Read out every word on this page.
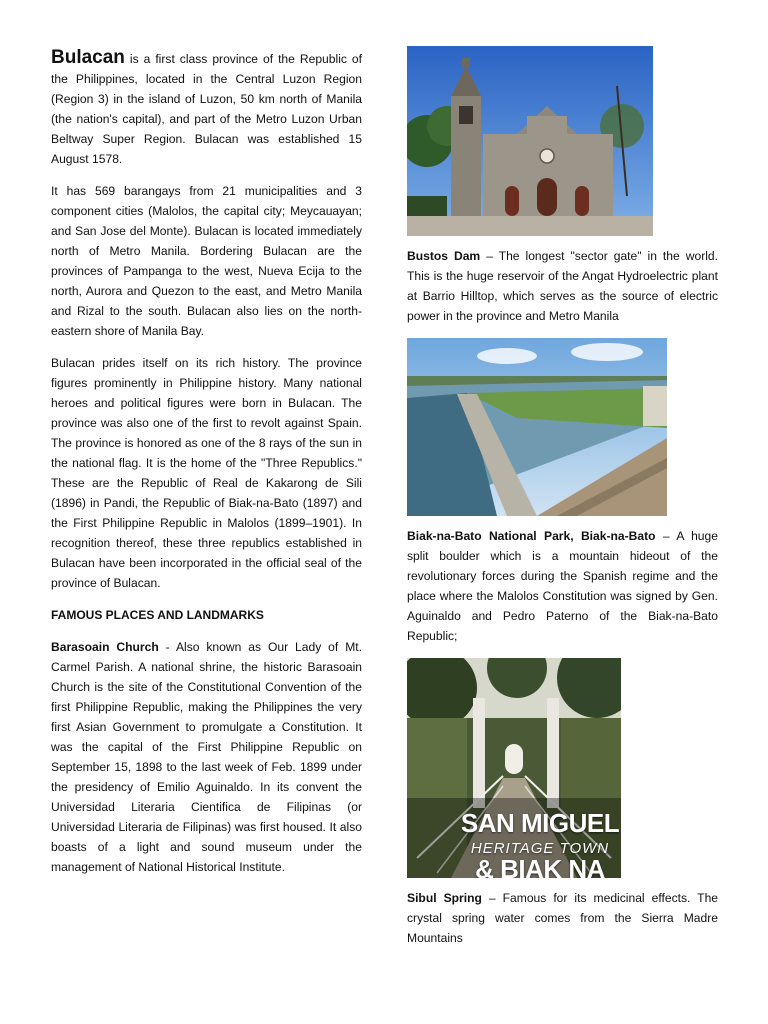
Bulacan is a first class province of the Republic of the Philippines, located in the Central Luzon Region (Region 3) in the island of Luzon, 50 km north of Manila (the nation's capital), and part of the Metro Luzon Urban Beltway Super Region. Bulacan was established 15 August 1578.

It has 569 barangays from 21 municipalities and 3 component cities (Malolos, the capital city; Meycauayan; and San Jose del Monte). Bulacan is located immediately north of Metro Manila. Bordering Bulacan are the provinces of Pampanga to the west, Nueva Ecija to the north, Aurora and Quezon to the east, and Metro Manila and Rizal to the south. Bulacan also lies on the north-eastern shore of Manila Bay.

Bulacan prides itself on its rich history. The province figures prominently in Philippine history. Many national heroes and political figures were born in Bulacan. The province was also one of the first to revolt against Spain. The province is honored as one of the 8 rays of the sun in the national flag. It is the home of the "Three Republics." These are the Republic of Real de Kakarong de Sili (1896) in Pandi, the Republic of Biak-na-Bato (1897) and the First Philippine Republic in Malolos (1899–1901). In recognition thereof, these three republics established in Bulacan have been incorporated in the official seal of the province of Bulacan.

FAMOUS PLACES AND LANDMARKS

Barasoain Church - Also known as Our Lady of Mt. Carmel Parish. A national shrine, the historic Barasoain Church is the site of the Constitutional Convention of the first Philippine Republic, making the Philippines the very first Asian Government to promulgate a Constitution. It was the capital of the First Philippine Republic on September 15, 1898 to the last week of Feb. 1899 under the presidency of Emilio Aguinaldo. In its convent the Universidad Literaria Cientifica de Filipinas (or Universidad Literaria de Filipinas) was first housed. It also boasts of a light and sound museum under the management of National Historical Institute.

Bustos Dam – The longest "sector gate" in the world. This is the huge reservoir of the Angat Hydroelectric plant at Barrio Hilltop, which serves as the source of electric power in the province and Metro Manila

Biak-na-Bato National Park, Biak-na-Bato – A huge split boulder which is a mountain hideout of the revolutionary forces during the Spanish regime and the place where the Malolos Constitution was signed by Gen. Aguinaldo and Pedro Paterno of the Biak-na-Bato Republic;

SAN MIGUEL
HERITAGE TOWN
& BIAK NA

Sibul Spring – Famous for its medicinal effects. The crystal spring water comes from the Sierra Madre Mountains
